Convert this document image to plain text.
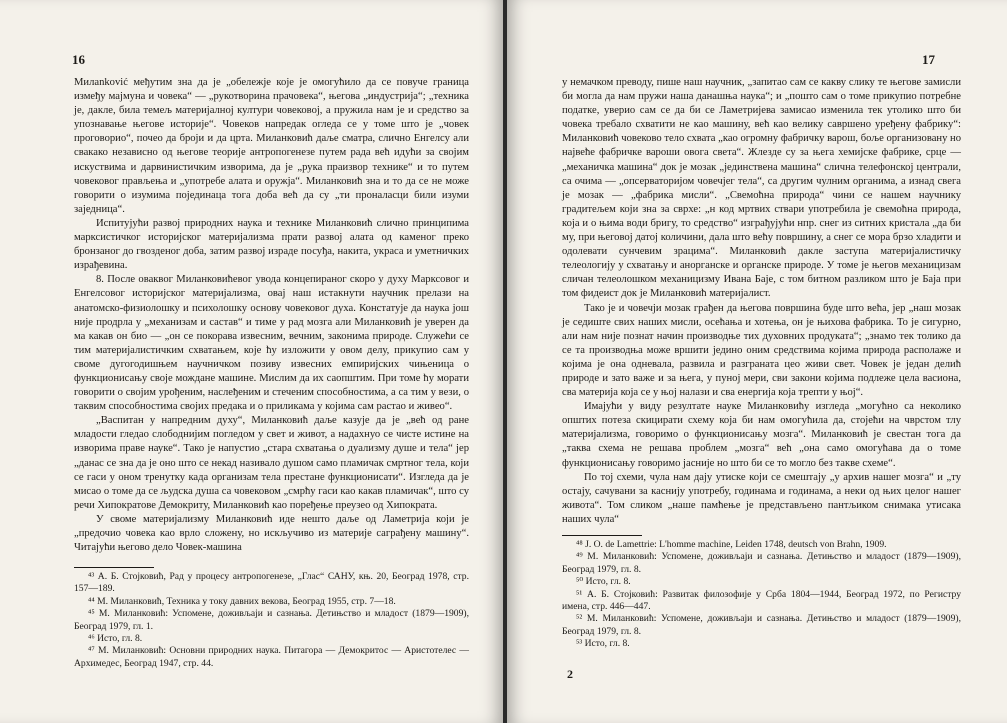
16

Милanković међутим зна да је „обележје које је омогућило да се повуче граница између мајмуна и човека“ — „рукотворина прачовека“, његова „индустрија“; „техника је, дакле, била темељ материјалној култури човековој, а пружила нам је и средство за упознавање његове историје“. Човеков напредак огледа се у томе што је „човек проговорио“, почео да броји и да црта. Миланковић даље сматра, слично Енгелсу али свакако независно од његове теорије антропогенезе путем рада већ идући за својим искуствима и дарвинистичким изворима, да је „рука праизвор технике“ и то путем човековог прављења и „употребе алата и оружја“. Миланковић зна и то да се не може говорити о изумима појединаца тога доба већ да су „ти проналасци били изуми заједница“.

Испитујући развој природних наука и технике Миланковић слично принципима марксистичког историјског материјализма прати развој алата од каменог преко бронзаног до гвозденог доба, затим развој израде посуђа, накита, украса и уметничких израђевина.

8. После оваквог Миланковићевог увода концепираног скоро у духу Марксовог и Енгелсовог историјског материјализма, овај наш истакнути научник прелази на анатомско-физиолошку и психолошку основу човековог духа. Констатује да наука још није продрла у „механизам и састав“ и тиме у рад мозга али Миланковић је уверен да ма какав он био — „он се покорава извесним, вечним, законима природе. Служећи се тим материјалистичким схватањем, које ћу изложити у овом делу, прикупио сам у своме дугогодишњем научничком позиву извесних емпиријских чињеница о функционисању своје мождане машине. Мислим да их саопштим. При томе ћу морати говорити о својим урођеним, наслеђеним и стеченим способностима, а са тим у вези, о таквим способностима својих предака и о приликама у којима сам растао и живео“.

„Васпитан у напредним духу“, Миланковић даље казује да је „већ од ране младости гледао слободнијим погледом у свет и живот, а надахнуо се чисте истине на изворима праве науке“. Тако је напустио „стара схватања о дуализму душе и тела“ јер „данас се зна да је оно што се некад називало душом само пламичак смртног тела, који се гаси у оном тренутку када организам тела престане функционисати“. Изгледа да је мисао о томе да се људска душа са човековом „смрћу гаси као какав пламичак“, што су речи Хипократове Демокриту, Миланковић као поређење преузео од Хипократа.

У своме материјализму Миланковић иде нешто даље од Ламетрија који је „предочио човека као врло сложену, но искључиво из материје саграђену машину“. Читајући његово дело Човек-машина

⁴³ А. Б. Стојковић, Рад у процесу антропогенезе, „Глас“ САНУ, књ. 20, Београд 1978, стр. 157—189.
⁴⁴ М. Миланковић, Техника у току давних векова, Београд 1955, стр. 7—18.
⁴⁵ М. Миланковић: Успомене, доживљаји и сазнања. Детињство и младост (1879—1909), Београд 1979, гл. 1.
⁴⁶ Исто, гл. 8.
⁴⁷ М. Миланковић: Основни природних наука. Питагора — Демокритос — Аристотелес — Архимедес, Београд 1947, стр. 44.
17

у немачком преводу, пише наш научник, „запитао сам се какву слику те његове замисли би могла да нам пружи наша данашња наука“; и „пошто сам о томе прикупио потребне податке, уверио сам се да би се Ламетријева замисао изменила тек утолико што би човека требало схватити не као машину, већ као велику савршено уређену фабрику“: Миланковић човеково тело схвата „као огромну фабричку варош, боље организовану но највеће фабричке вароши овога света“. Жлезде су за њега хемијске фабрике, срце — „механичка машина“ док је мозак „јединствена машина“ слична телефонској централи, са очима — „опсерваторијом човечјег тела“, са другим чулним органима, а изнад свега је мозак — „фабрика мисли“. „Свемоћна природа“ чини се нашем научнику градитељем који зна за сврхе: „н код мртвих ствари употребила је свемоћна природа, која и о њима води бригу, то средство“ изграђујући нпр. снег из ситних кристала „да би му, при његовој датој количини, дала што већу површину, а снег се мора брзо хладити и одолевати сунчевим зрацима“. Миланковић дакле заступа материјалистичку телеологију у схватању и анорганске и органске природе. У томе је његов механицизам сличан телеолошком механицизму Ивана Баје, с том битном разликом што је Баја при том фидеист док је Миланковић материјалист.

Тако је и човечји мозак грађен да његова површина буде што већа, јер „наш мозак је седиште свих наших мисли, осећања и хотења, он је њихова фабрика. То је сигурно, али нам није познат начин производње тих духовних продуката“; „знамо тек толико да се та производња може вршити једино оним средствима којима природа располаже и којима је она одневала, развила и разграната цео живи свет. Човек је један делић природе и зато важе и за њега, у пуној мери, сви закони којима подлеже цела васиона, сва материја која се у њој налази и сва енергија која трепти у њој“.

Имајући у виду резултате науке Миланковићу изгледа „могућно са неколико општих потеза скицирати схему која би нам омогућила да, стојећи на чврстом тлу материјализма, говоримо о функционисању мозга“. Миланковић је свестан тога да „таква схема не решава проблем „мозга“ већ „она само омогућава да о томе функционисању говоримо јасније но што би се то могло без такве схеме“.

По тој схеми, чула нам дају утиске који се смештају „у архив нашег мозга“ и „ту остају, сачувани за каснију употребу, годинама и годинама, а неки од њих целог нашег живота“. Том сликом „наше памћење је представљено пантљиком снимака утисака наших чула“

⁴⁸ J. O. de Lamettrie: L'homme machine, Leiden 1748, deutsch von Brahn, 1909.
⁴⁹ М. Миланковић: Успомене, доживљаји и сазнања. Детињство и младост (1879—1909), Београд 1979, гл. 8.
⁵⁰ Исто, гл. 8.
⁵¹ А. Б. Стојковић: Развитак филозофије у Срба 1804—1944, Београд 1972, по Регистру имена, стр. 446—447.
⁵² М. Миланковић: Успомене, доживљаји и сазнања. Детињство и младост (1879—1909), Београд 1979, гл. 8.
⁵³ Исто, гл. 8.
2
